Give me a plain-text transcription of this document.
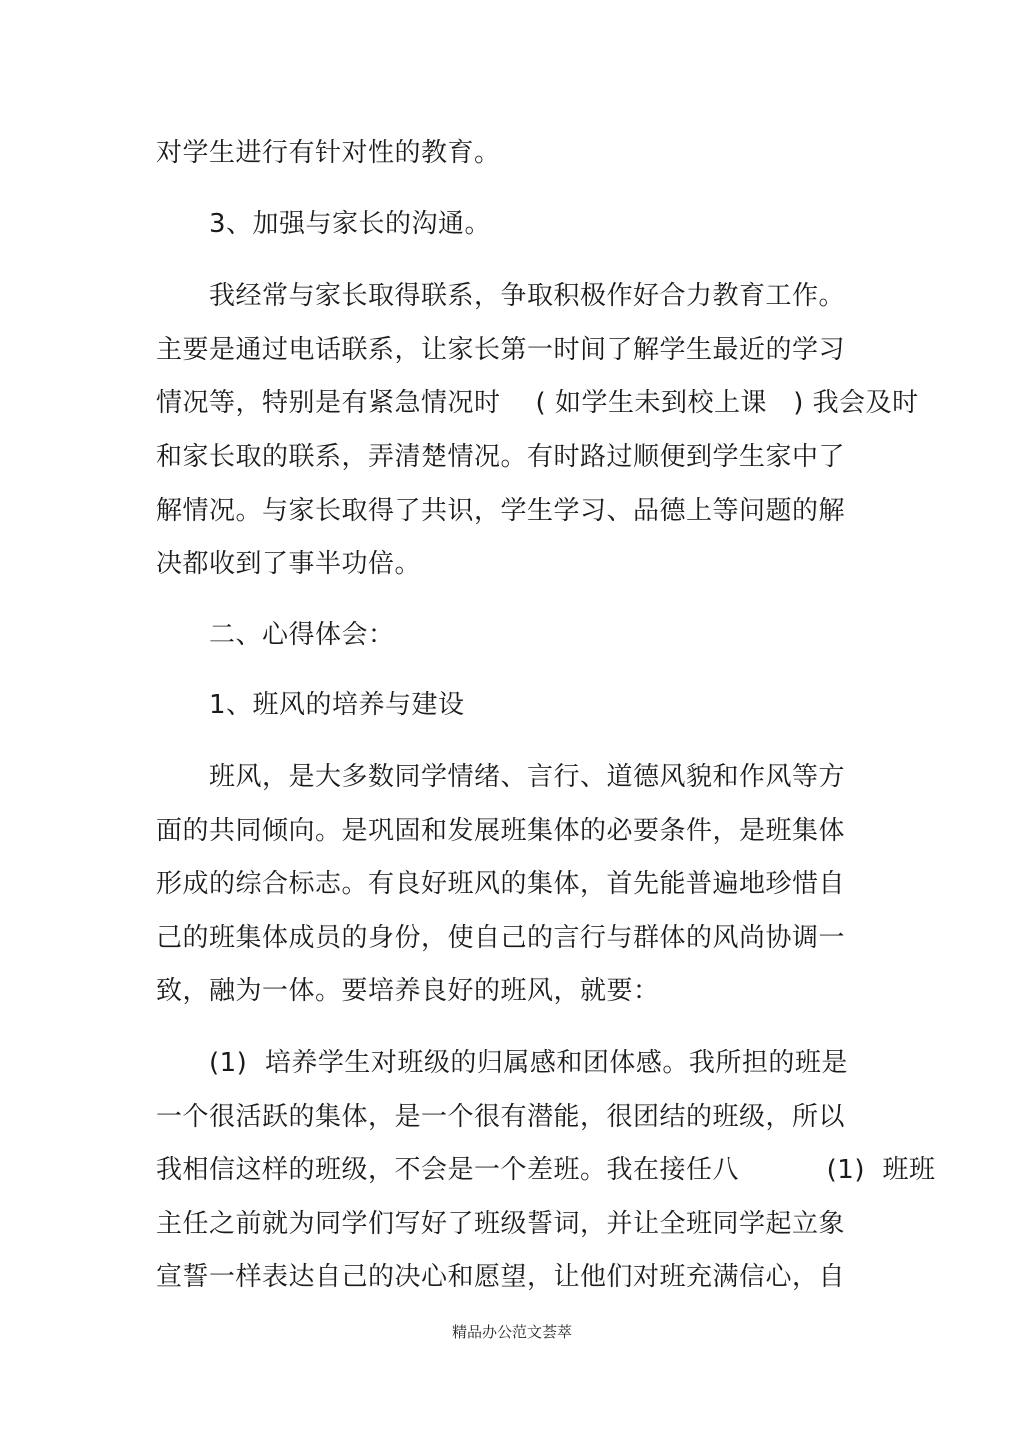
对学生进行有针对性的教育。
3、加强与家长的沟通。
我经常与家长取得联系，争取积极作好合力教育工作。
主要是通过电话联系，让家长第一时间了解学生最近的学习
情况等，特别是有紧急情况时    ( 如学生未到校上课   ) 我会及时
和家长取的联系，弄清楚情况。有时路过顺便到学生家中了
解情况。与家长取得了共识，学生学习、品德上等问题的解
决都收到了事半功倍。
二、心得体会：
1、班风的培养与建设
班风，是大多数同学情绪、言行、道德风貌和作风等方
面的共同倾向。是巩固和发展班集体的必要条件，是班集体
形成的综合标志。有良好班风的集体，首先能普遍地珍惜自
己的班集体成员的身份，使自己的言行与群体的风尚协调一
致，融为一体。要培养良好的班风，就要：
(1)  培养学生对班级的归属感和团体感。我所担的班是
一个很活跃的集体，是一个很有潜能，很团结的班级，所以
我相信这样的班级，不会是一个差班。我在接任八          (1)  班班
主任之前就为同学们写好了班级誓词，并让全班同学起立象
宣誓一样表达自己的决心和愿望，让他们对班充满信心，自
精品办公范文荟萃
